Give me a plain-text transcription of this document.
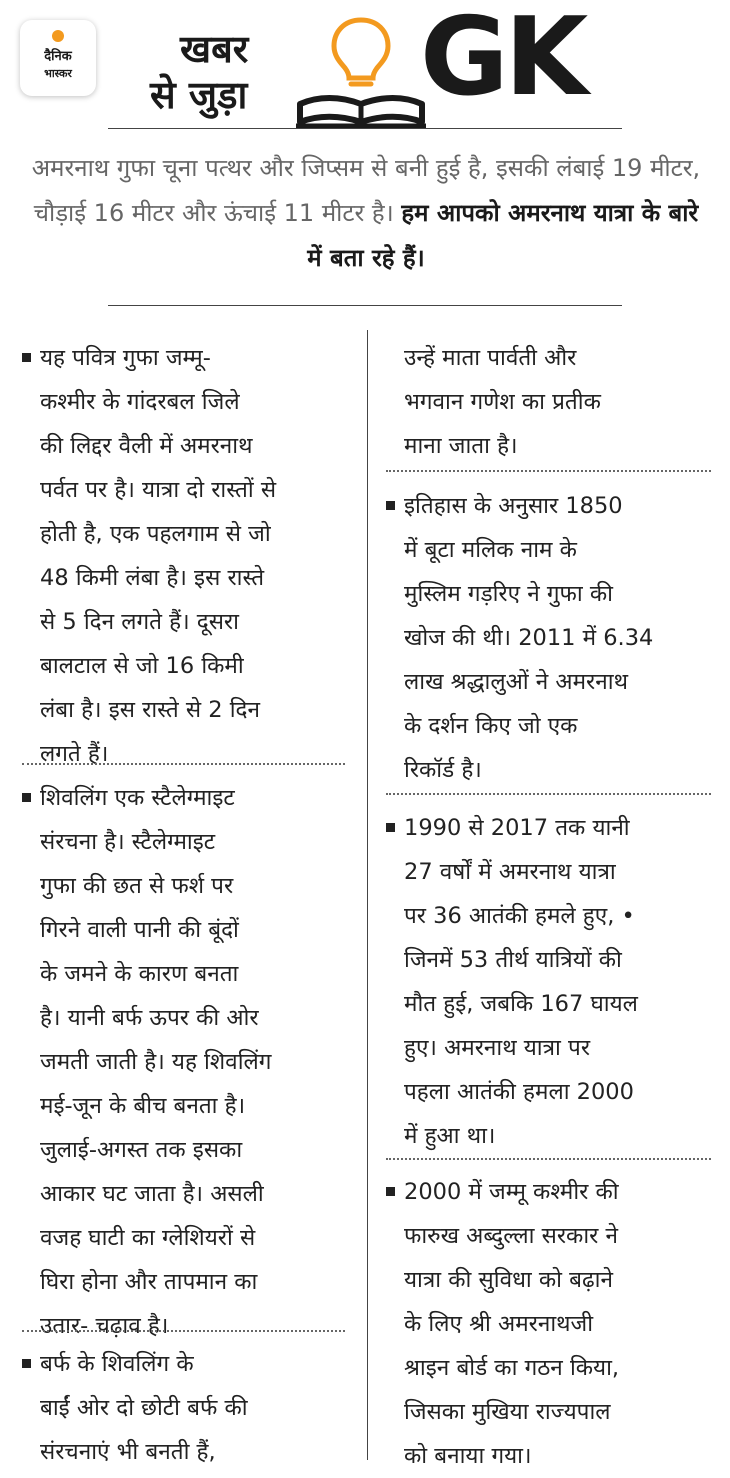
दैनिक
भास्कर
खबर
से जुड़ा GK
अमरनाथ गुफा चूना पत्थर और जिप्सम से बनी हुई है, इसकी लंबाई 19 मीटर, चौड़ाई 16 मीटर और ऊंचाई 11 मीटर है। हम आपको अमरनाथ यात्रा के बारे में बता रहे हैं।
यह पवित्र गुफा जम्मू-
कश्मीर के गांदरबल जिले
की लिद्दर वैली में अमरनाथ
पर्वत पर है। यात्रा दो रास्तों से
होती है, एक पहलगाम से जो
48 किमी लंबा है। इस रास्ते
से 5 दिन लगते हैं। दूसरा
बालटाल से जो 16 किमी
लंबा है। इस रास्ते से 2 दिन
लगते हैं।
शिवलिंग एक स्टैलेग्माइट
संरचना है। स्टैलेग्माइट
गुफा की छत से फर्श पर
गिरने वाली पानी की बूंदों
के जमने के कारण बनता
है। यानी बर्फ ऊपर की ओर
जमती जाती है। यह शिवलिंग
मई-जून के बीच बनता है।
जुलाई-अगस्त तक इसका
आकार घट जाता है। असली
वजह घाटी का ग्लेशियरों से
घिरा होना और तापमान का
उतार- चढ़ाव है।
बर्फ के शिवलिंग के
बाईं ओर दो छोटी बर्फ की
संरचनाएं भी बनती हैं,
उन्हें माता पार्वती और
भगवान गणेश का प्रतीक
माना जाता है।
इतिहास के अनुसार 1850
में बूटा मलिक नाम के
मुस्लिम गड़रिए ने गुफा की
खोज की थी। 2011 में 6.34
लाख श्रद्धालुओं ने अमरनाथ
के दर्शन किए जो एक
रिकॉर्ड है।
1990 से 2017 तक यानी
27 वर्षों में अमरनाथ यात्रा
पर 36 आतंकी हमले हुए, •
जिनमें 53 तीर्थ यात्रियों की
मौत हुई, जबकि 167 घायल
हुए। अमरनाथ यात्रा पर
पहला आतंकी हमला 2000
में हुआ था।
2000 में जम्मू कश्मीर की
फारुख अब्दुल्ला सरकार ने
यात्रा की सुविधा को बढ़ाने
के लिए श्री अमरनाथजी
श्राइन बोर्ड का गठन किया,
जिसका मुखिया राज्यपाल
को बनाया गया।
